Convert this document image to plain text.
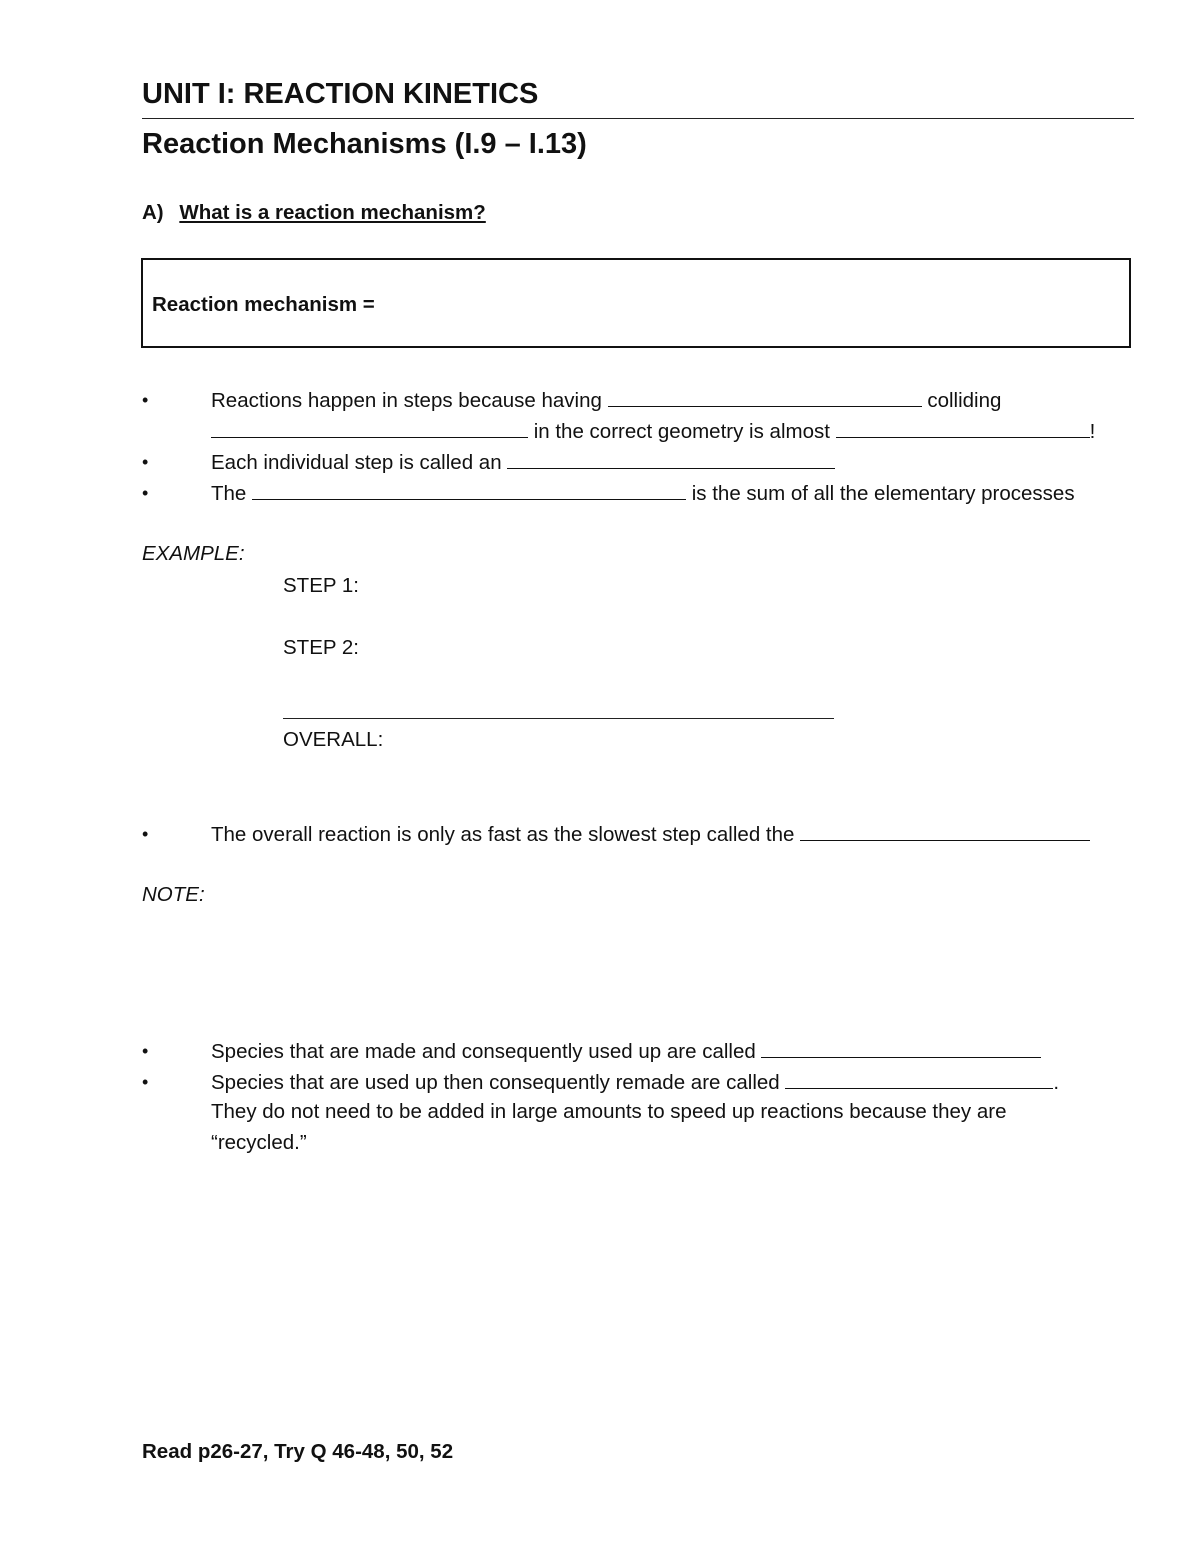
UNIT I: REACTION KINETICS
Reaction Mechanisms (I.9 – I.13)
A) What is a reaction mechanism?
Reaction mechanism =
•	Reactions happen in steps because having	colliding
in the correct geometry is almost	!
•	Each individual step is called an
•	The	is the sum of all the elementary processes
EXAMPLE:
STEP 1:
STEP 2:
OVERALL:
•	The overall reaction is only as fast as the slowest step called the
NOTE:
•	Species that are made and consequently used up are called
•	Species that are used up then consequently remade are called	.
They do not need to be added in large amounts to speed up reactions because they are
“recycled.”
Read p26-27, Try Q 46-48, 50, 52
